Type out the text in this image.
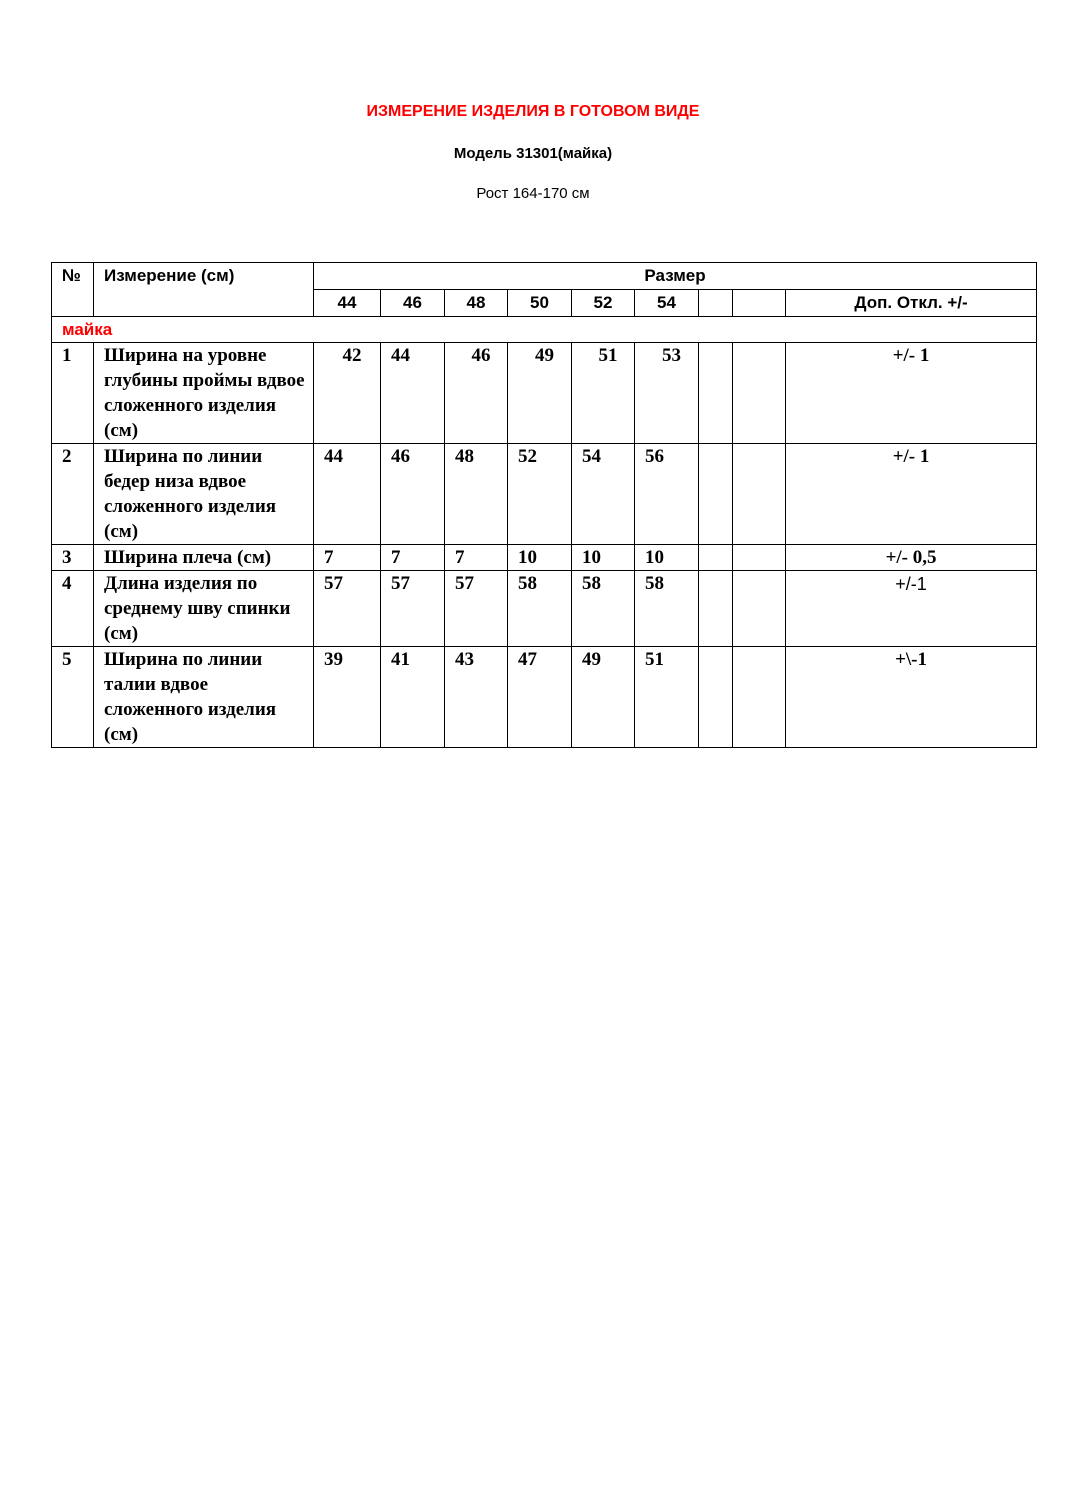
ИЗМЕРЕНИЕ ИЗДЕЛИЯ В ГОТОВОМ ВИДЕ
Модель 31301(майка)
Рост 164-170 см
№	Измерение (см)	Размер								
		44	46	48	50	52	54			Доп. Откл. +/-
майка										
1	Ширина на уровне глубины проймы вдвое сложенного изделия (см)	42	44	46	49	51	53			+/- 1
2	Ширина по линии бедер низа вдвое сложенного изделия (см)	44	46	48	52	54	56			+/- 1
3	Ширина плеча (см)	7	7	7	10	10	10			+/- 0,5
4	Длина изделия по среднему шву спинки (см)	57	57	57	58	58	58			+/-1
5	Ширина по линии талии вдвое сложенного изделия (см)	39	41	43	47	49	51			+\-1
